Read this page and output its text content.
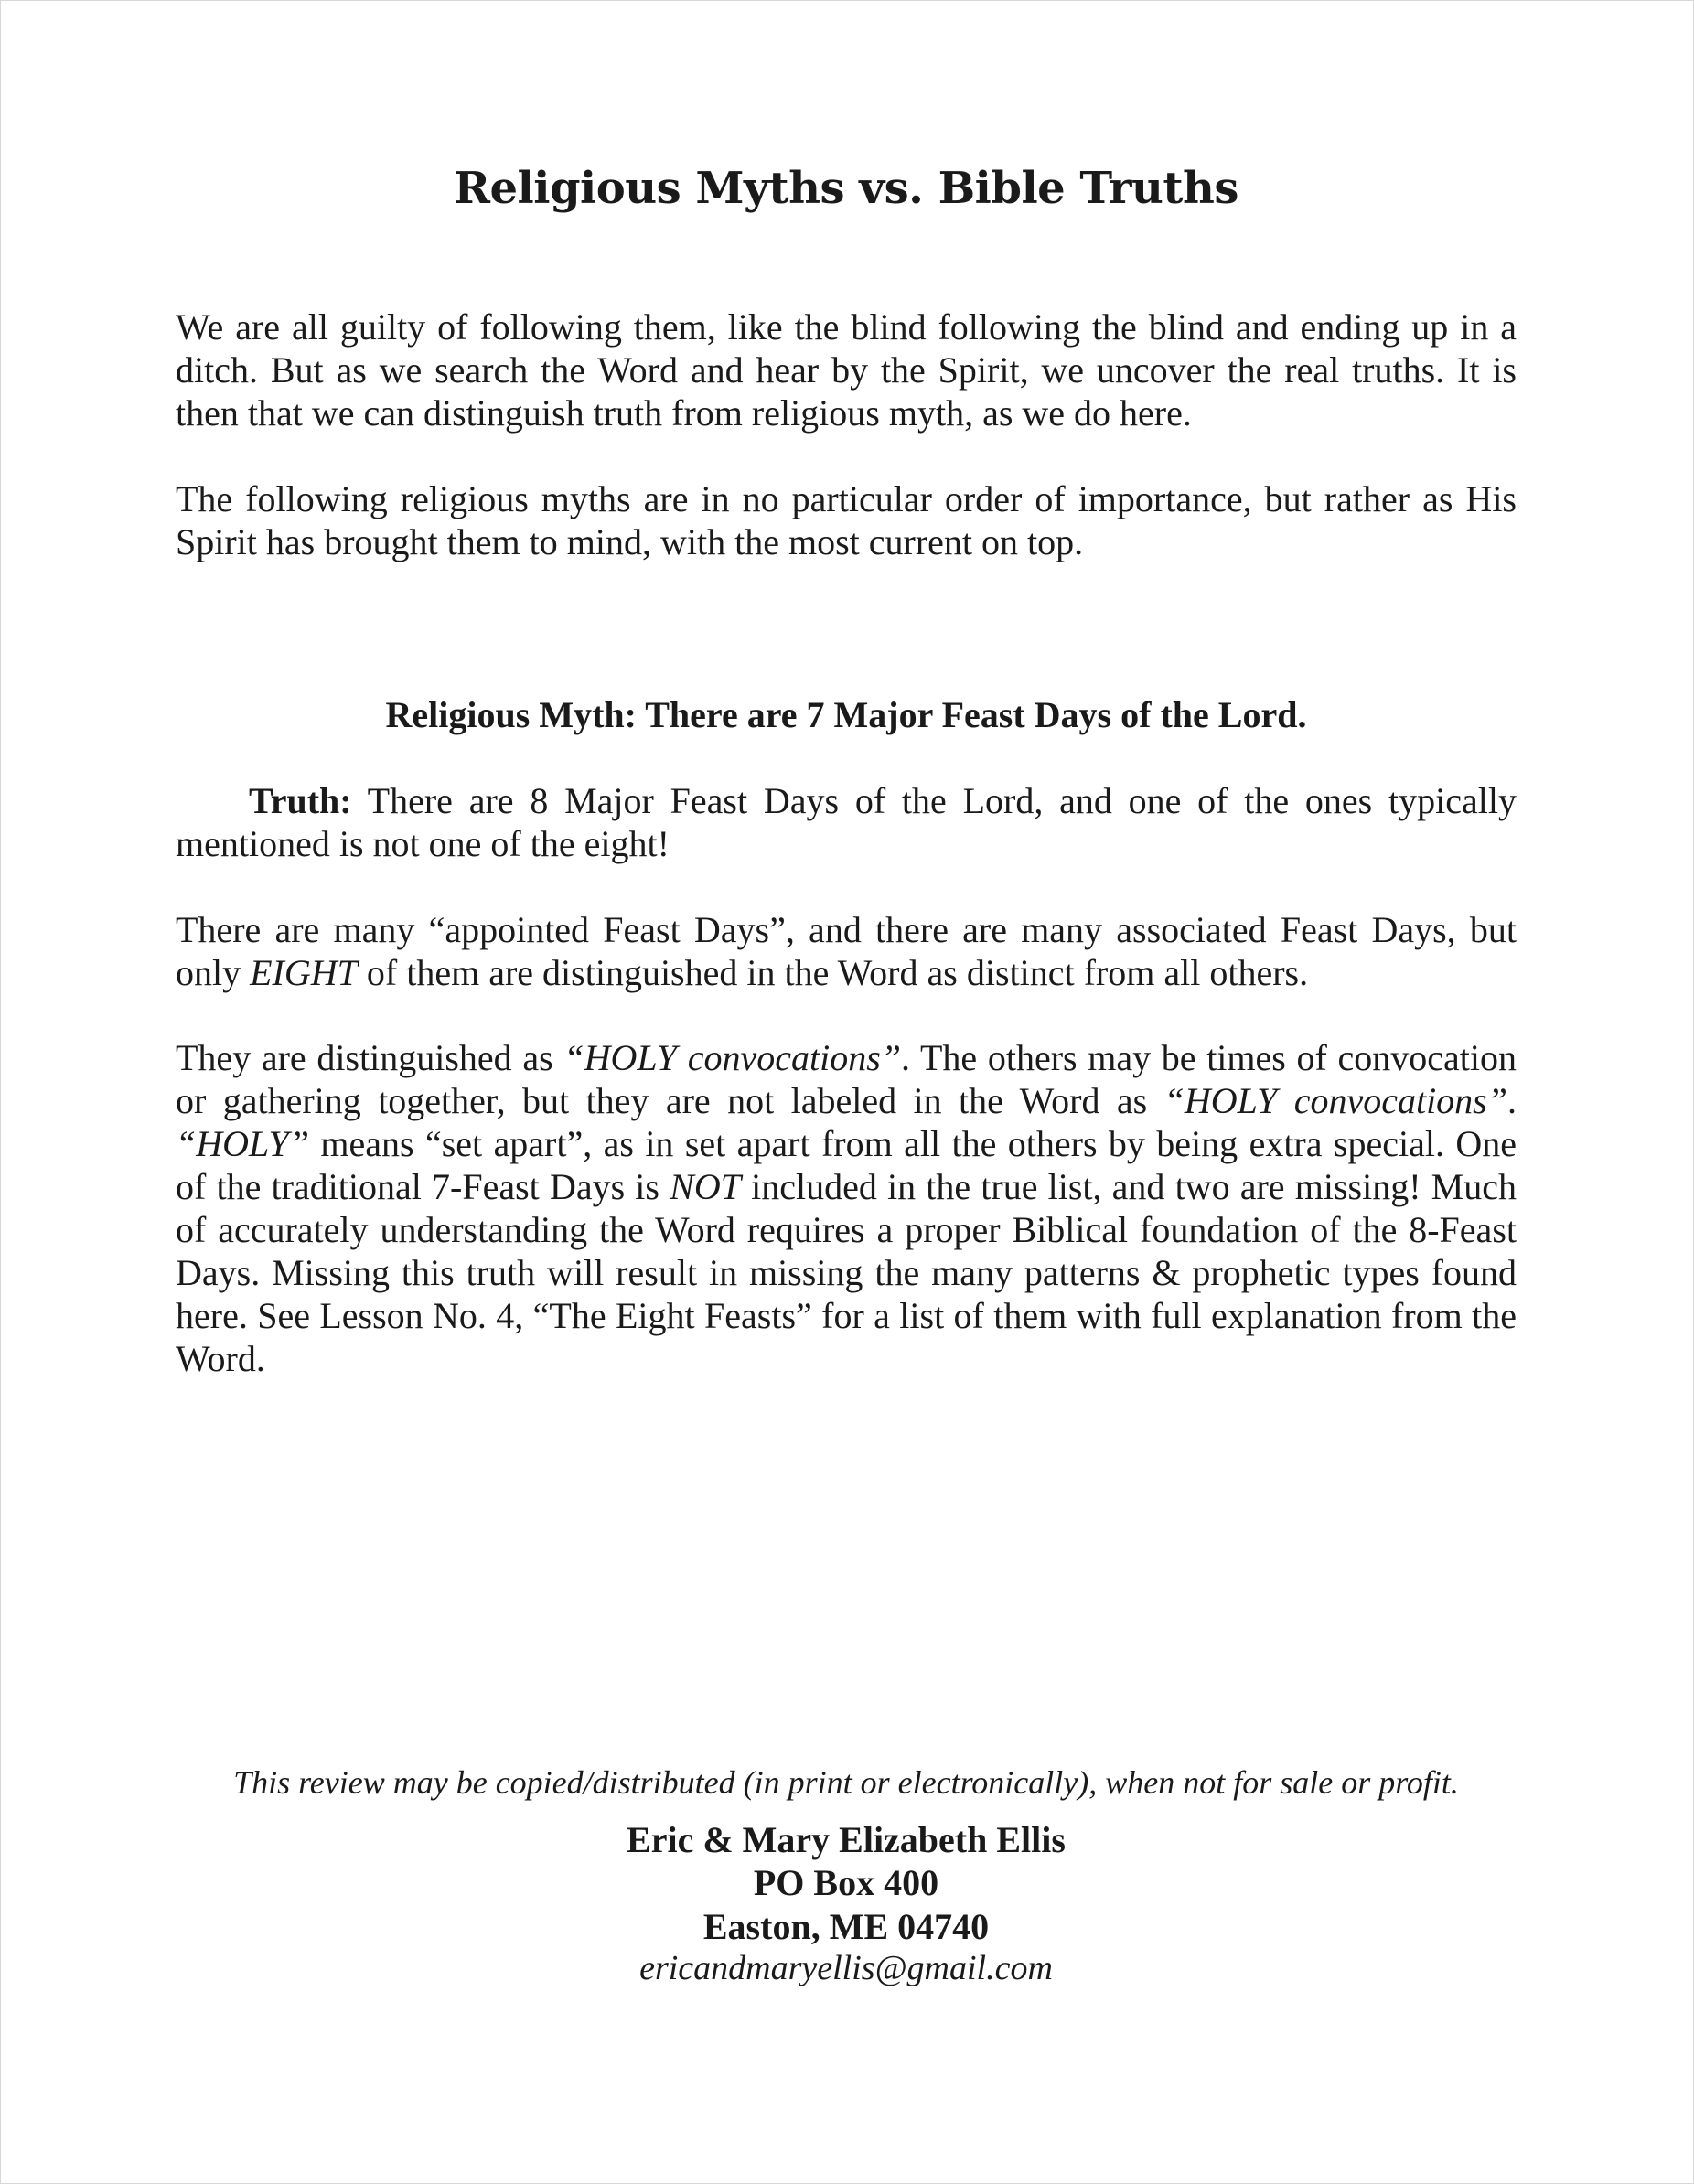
Religious Myths vs. Bible Truths

We are all guilty of following them, like the blind following the blind and ending up in a ditch. But as we search the Word and hear by the Spirit, we uncover the real truths. It is then that we can distinguish truth from religious myth, as we do here.

The following religious myths are in no particular order of importance, but rather as His Spirit has brought them to mind, with the most current on top.

Religious Myth: There are 7 Major Feast Days of the Lord.

Truth: There are 8 Major Feast Days of the Lord, and one of the ones typically mentioned is not one of the eight!

There are many “appointed Feast Days”, and there are many associated Feast Days, but only EIGHT of them are distinguished in the Word as distinct from all others.

They are distinguished as “HOLY convocations”. The others may be times of convocation or gathering together, but they are not labeled in the Word as “HOLY convocations”. “HOLY” means “set apart”, as in set apart from all the others by being extra special. One of the traditional 7-Feast Days is NOT included in the true list, and two are missing! Much of accurately understanding the Word requires a proper Biblical foundation of the 8-Feast Days. Missing this truth will result in missing the many patterns & prophetic types found here. See Lesson No. 4, “The Eight Feasts” for a list of them with full explanation from the Word.

This review may be copied/distributed (in print or electronically), when not for sale or profit.
Eric & Mary Elizabeth Ellis
PO Box 400
Easton, ME 04740
ericandmaryellis@gmail.com
